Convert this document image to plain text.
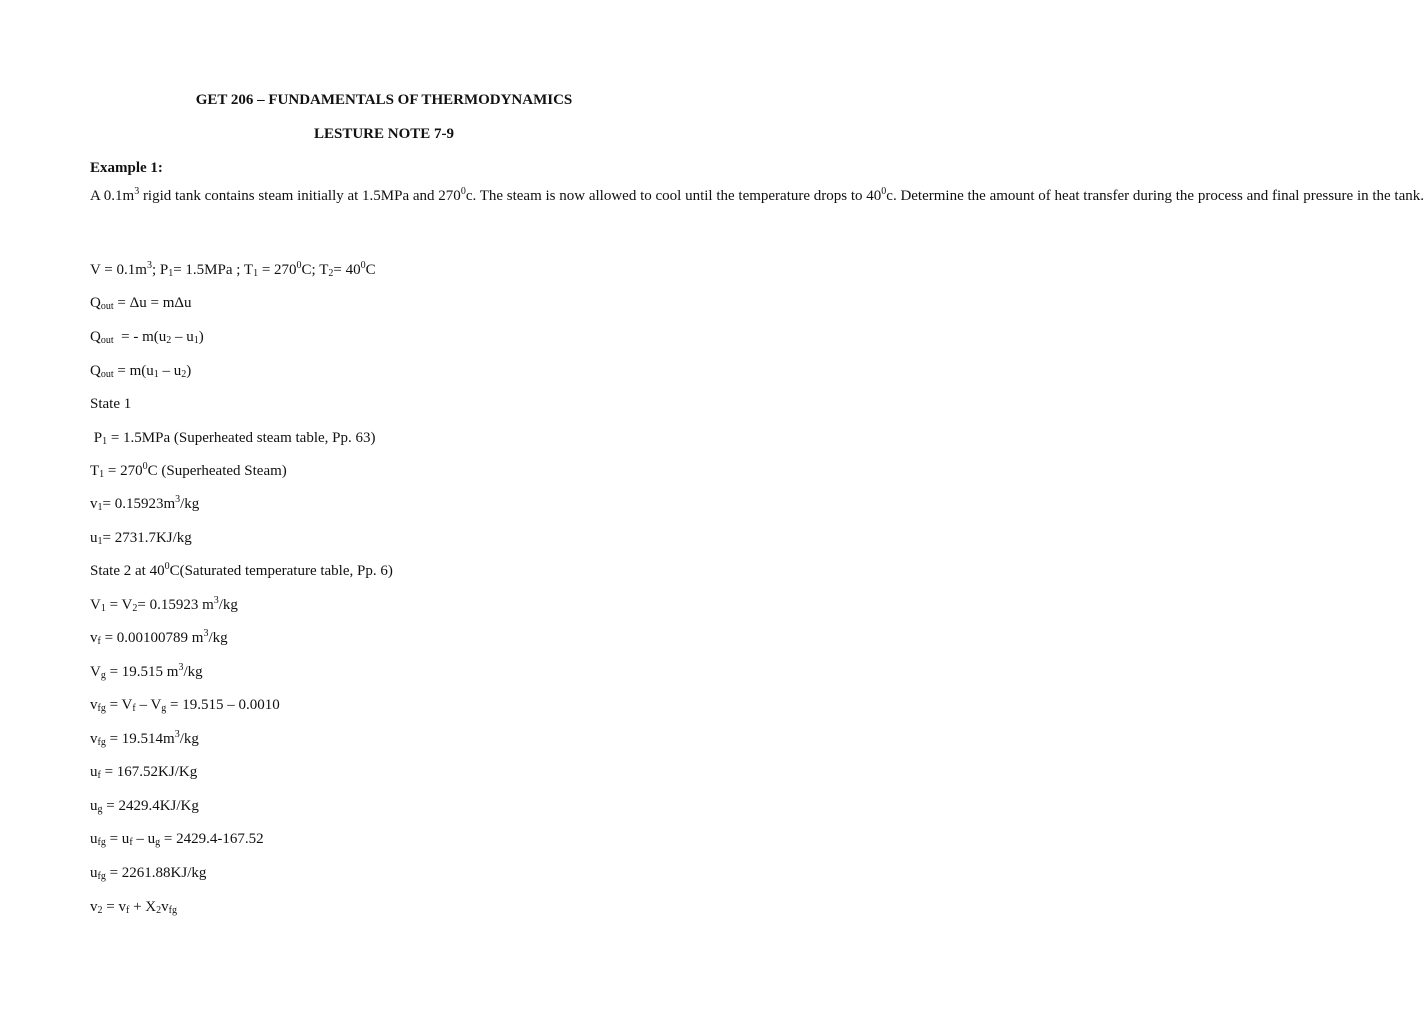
GET 206 – FUNDAMENTALS OF THERMODYNAMICS
LESTURE NOTE 7-9
Example 1:
A $0.1m^3$ rigid tank contains steam initially at 1.5MPa and $270^0c$. The steam is now allowed to cool until the temperature drops to $40^0c$. Determine the amount of heat transfer during the process and final pressure in the tank.
$V = 0.1m^3$; $P_1= 1.5MPa$ ; $T_1 = 270^0C$; $T_2= 40^0C$
$Q_{out} = \Delta u = m\Delta u$
$Q_{out}$  = - $m(u_2 - u_1)$
$Q_{out} = m(u_1 - u_2)$
State 1
$P_1 = 1.5MPa$ (Superheated steam table, Pp. 63)
$T_1 = 270^0C$ (Superheated Steam)
$v_1= 0.15923m^3/kg$
$u_1= 2731.7KJ/kg$
State 2 at $40^0C(Saturated$ temperature table, Pp. 6)
$V_1 = V_2= 0.15923$ $m^3/kg$
$v_f = 0.00100789$ $m^3/kg$
$V_g = 19.515$ $m^3/kg$
$v_{fg} = V_f - V_g = 19.515 - 0.0010$
$v_{fg} = 19.514m^3/kg$
$u_f = 167.52KJ/Kg$
$u_g = 2429.4KJ/Kg$
$u_{fg} = u_f - u_g = 2429.4-167.52$
$u_{fg} = 2261.88KJ/kg$
$v_2 = v_f + X_2v_{fg}$
